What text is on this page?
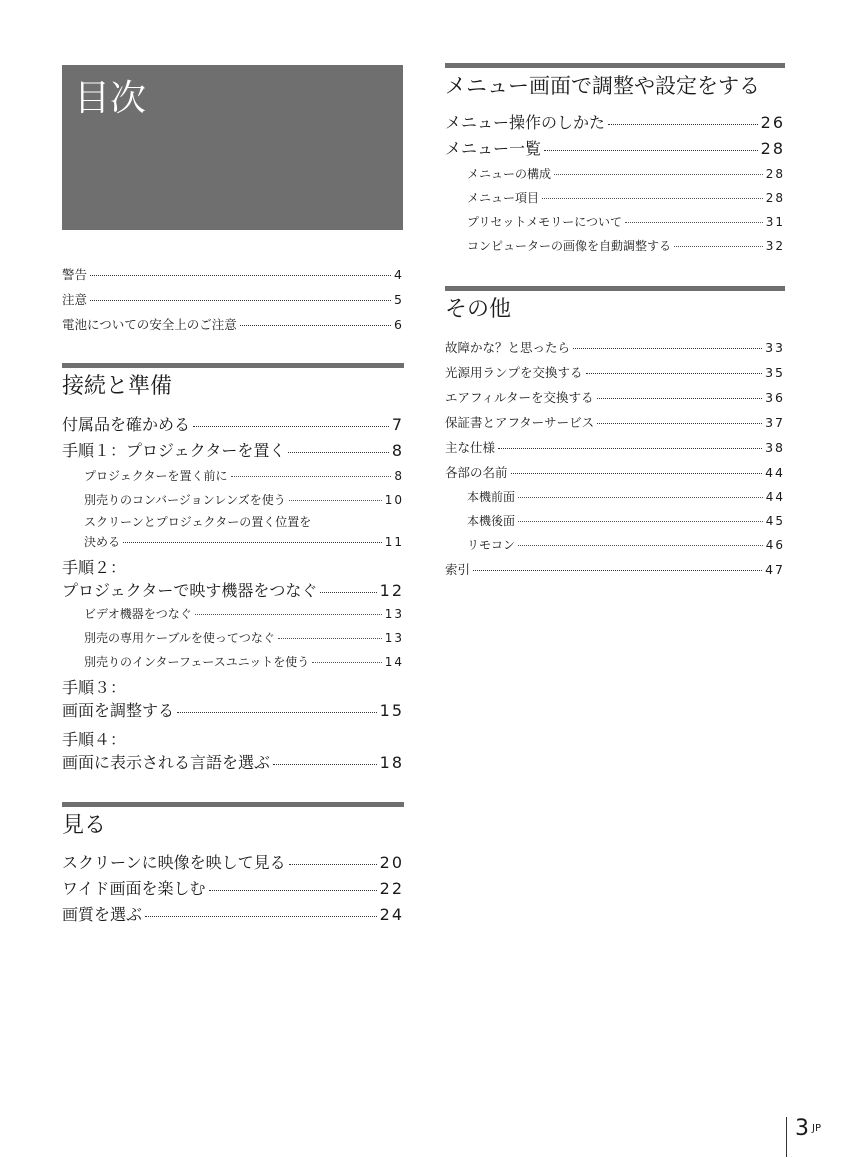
目次
警告	4
注意	5
電池についての安全上のご注意	6
接続と準備
付属品を確かめる	7
手順１：プロジェクターを置く	8
プロジェクターを置く前に	8
別売りのコンバージョンレンズを使う	10
スクリーンとプロジェクターの置く位置を
決める	11
手順２：
プロジェクターで映す機器をつなぐ	12
ビデオ機器をつなぐ	13
別売の専用ケーブルを使ってつなぐ	13
別売りのインターフェースユニットを使う	14
手順３：
画面を調整する	15
手順４：
画面に表示される言語を選ぶ	18
見る
スクリーンに映像を映して見る	20
ワイド画面を楽しむ	22
画質を選ぶ	24
メニュー画面で調整や設定をする
メニュー操作のしかた	26
メニュー一覧	28
メニューの構成	28
メニュー項目	28
プリセットメモリーについて	31
コンピューターの画像を自動調整する	32
その他
故障かな？と思ったら	33
光源用ランプを交換する	35
エアフィルターを交換する	36
保証書とアフターサービス	37
主な仕様	38
各部の名前	44
本機前面	44
本機後面	45
リモコン	46
索引	47
3 $^{JP}$
